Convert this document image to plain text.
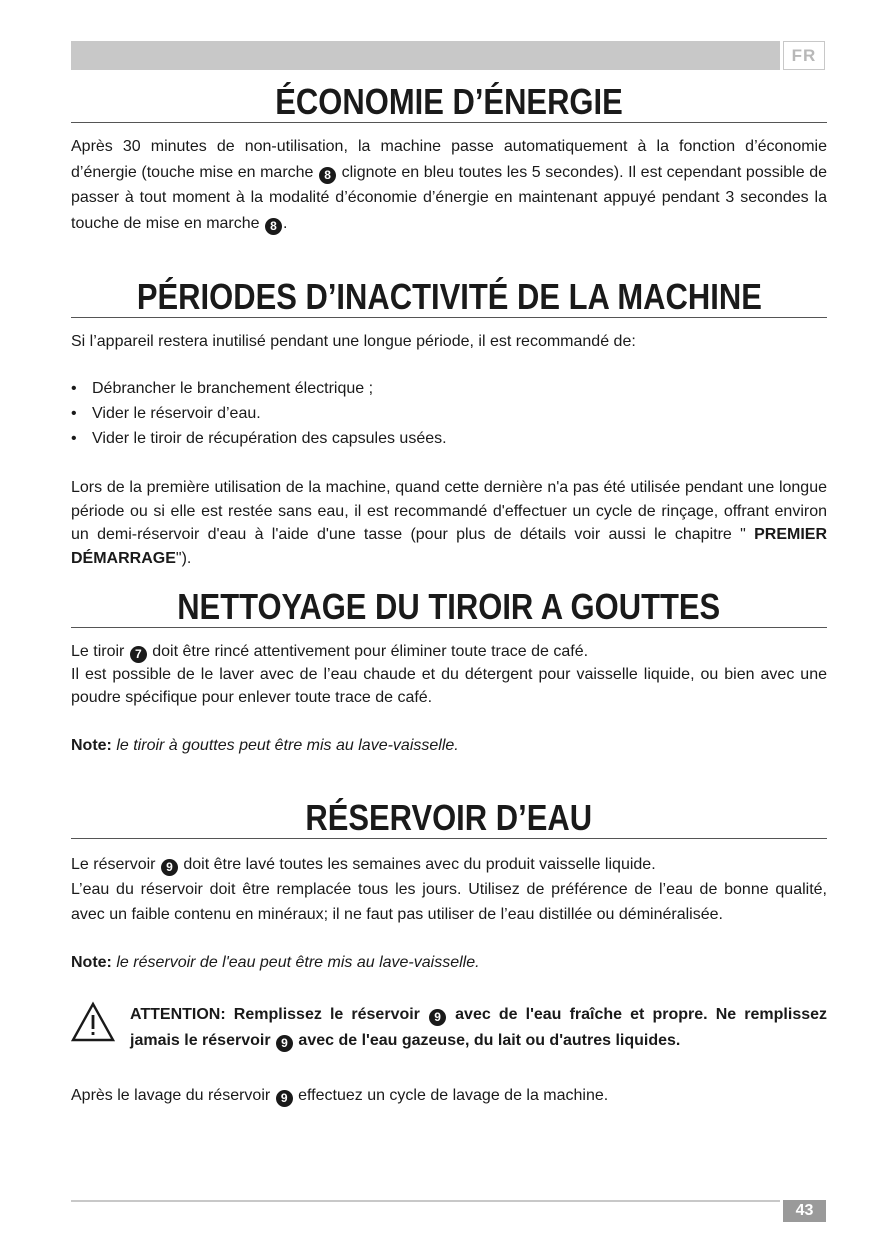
FR
ÉCONOMIE D’ÉNERGIE
Après 30 minutes de non-utilisation, la machine passe automatiquement à la fonction d’économie d’énergie (touche mise en marche 8 clignote en bleu toutes les 5 secondes). Il est cependant possible de passer à tout moment à la modalité d’économie d’énergie en maintenant appuyé pendant 3 secondes la touche de mise en marche 8 .
PÉRIODES D’INACTIVITÉ DE LA MACHINE
Si l’appareil restera inutilisé pendant une longue période, il est recommandé de:
• Débrancher le branchement électrique ;
• Vider le réservoir d’eau.
• Vider le tiroir de récupération des capsules usées.
Lors de la première utilisation de la machine, quand cette dernière n'a pas été utilisée pendant une longue période ou si elle est restée sans eau, il est recommandé d'effectuer un cycle de rinçage, offrant environ un demi-réservoir d'eau à l'aide d'une tasse (pour plus de détails voir aussi le chapitre " PREMIER DÉMARRAGE").
NETTOYAGE DU TIROIR A GOUTTES
Le tiroir 7 doit être rincé attentivement pour éliminer toute trace de café.
Il est possible de le laver avec de l’eau chaude et du détergent pour vaisselle liquide, ou bien avec une poudre spécifique pour enlever toute trace de café.
Note: le tiroir à gouttes peut être mis au lave-vaisselle.
RÉSERVOIR D’EAU
Le réservoir 9 doit être lavé toutes les semaines avec du produit vaisselle liquide.
L’eau du réservoir doit être remplacée tous les jours. Utilisez de préférence de l’eau de bonne qualité, avec un faible contenu en minéraux; il ne faut pas utiliser de l’eau distillée ou déminéralisée.
Note: le réservoir de l'eau peut être mis au lave-vaisselle.
ATTENTION: Remplissez le réservoir 9 avec de l'eau fraîche et propre. Ne remplissez jamais le réservoir 9 avec de l'eau gazeuse, du lait ou d'autres liquides.
Après le lavage du réservoir 9 effectuez un cycle de lavage de la machine.
43
